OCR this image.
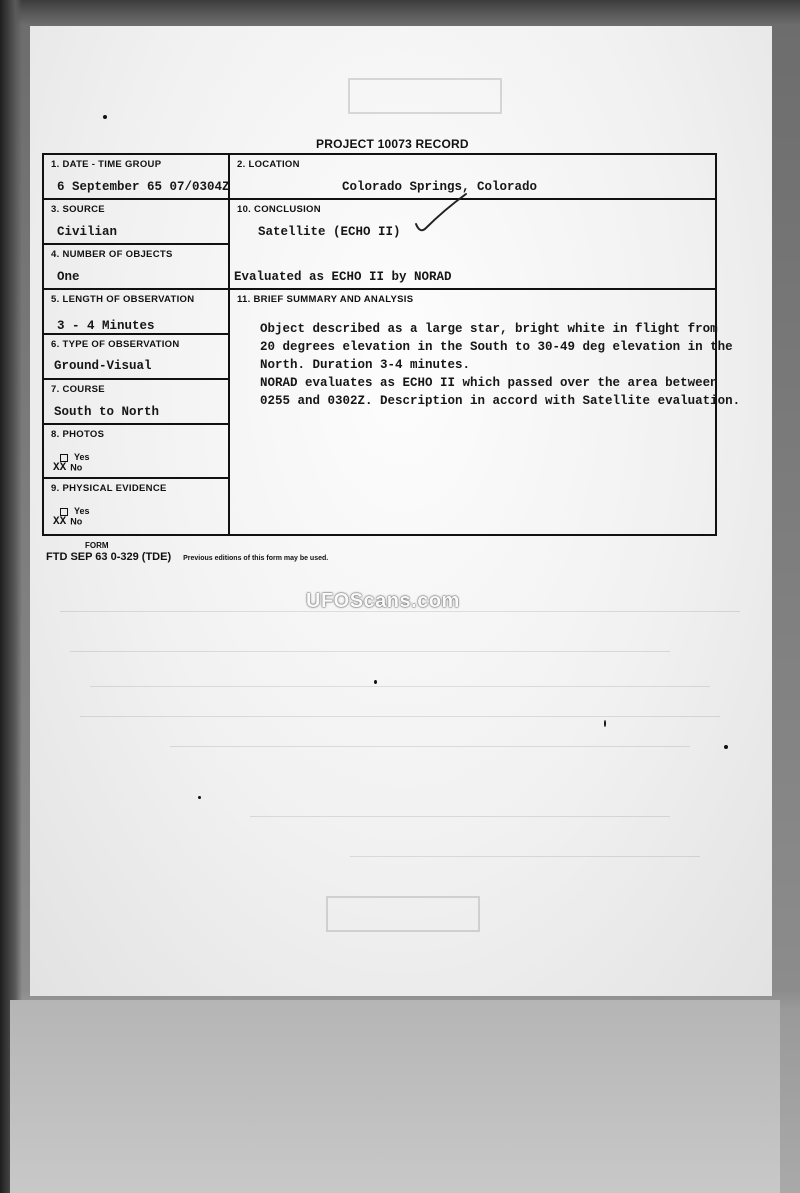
PROJECT 10073 RECORD
1. DATE - TIME GROUP
6 September 65 07/0304Z
2. LOCATION
Colorado Springs, Colorado
3. SOURCE
Civilian
10. CONCLUSION
Satellite (ECHO II)
Evaluated as ECHO II by NORAD
4. NUMBER OF OBJECTS
One
5. LENGTH OF OBSERVATION
3 - 4 Minutes
11. BRIEF SUMMARY AND ANALYSIS

Object described as a large star, bright white in flight from

20 degrees elevation in the South to 30-49 deg elevation in the

North. Duration 3-4 minutes.

NORAD evaluates as ECHO II which passed over the area between

0255 and 0302Z. Description in accord with Satellite evaluation.

6. TYPE OF OBSERVATION
Ground-Visual
7. COURSE
South to North
8. PHOTOS
Yes
XX No
9. PHYSICAL EVIDENCE
Yes
XX No
FORM
FTD SEP 63 0-329 (TDE) Previous editions of this form may be used.
UFOScans.com
